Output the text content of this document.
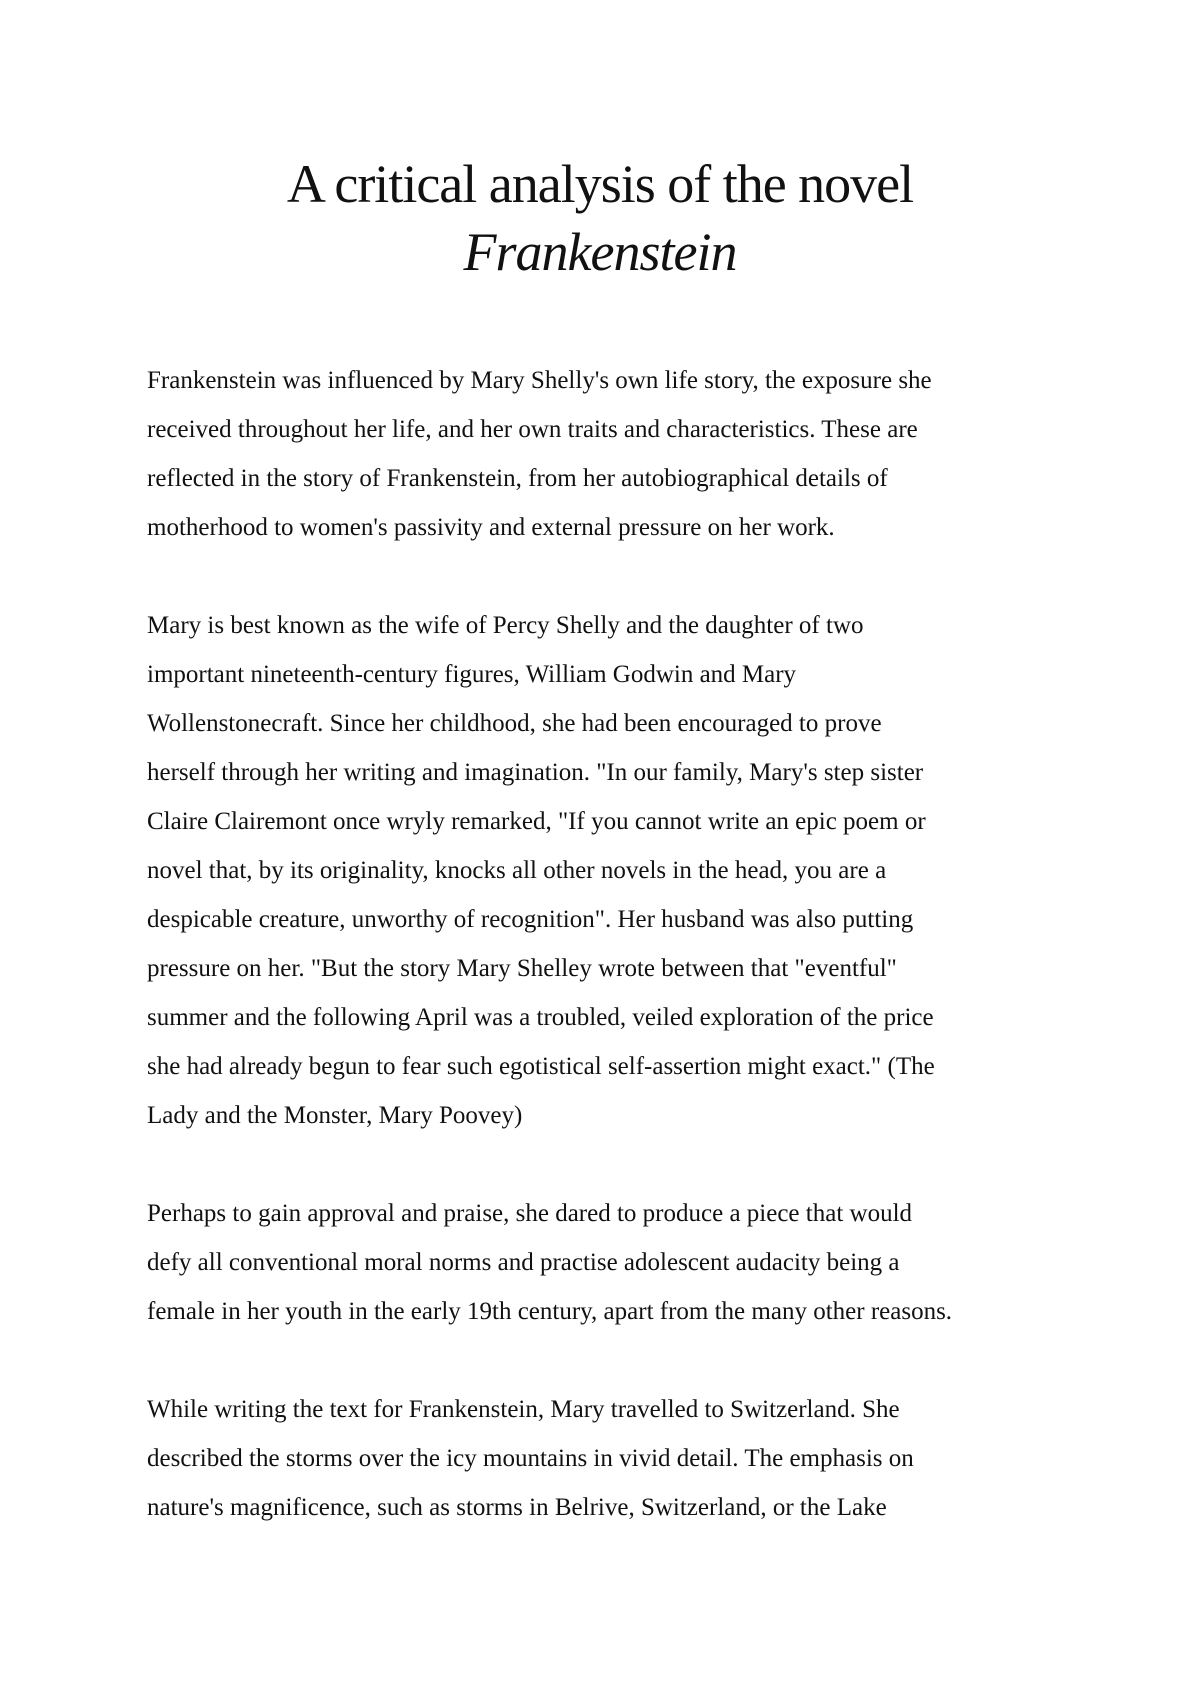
A critical analysis of the novel
Frankenstein
Frankenstein was influenced by Mary Shelly's own life story, the exposure she
received throughout her life, and her own traits and characteristics. These are
reflected in the story of Frankenstein, from her autobiographical details of
motherhood to women's passivity and external pressure on her work.
Mary is best known as the wife of Percy Shelly and the daughter of two
important nineteenth-century figures, William Godwin and Mary
Wollenstonecraft. Since her childhood, she had been encouraged to prove
herself through her writing and imagination. "In our family, Mary's step sister
Claire Clairemont once wryly remarked, "If you cannot write an epic poem or
novel that, by its originality, knocks all other novels in the head, you are a
despicable creature, unworthy of recognition". Her husband was also putting
pressure on her. "But the story Mary Shelley wrote between that "eventful"
summer and the following April was a troubled, veiled exploration of the price
she had already begun to fear such egotistical self-assertion might exact." (The
Lady and the Monster, Mary Poovey)
Perhaps to gain approval and praise, she dared to produce a piece that would
defy all conventional moral norms and practise adolescent audacity being a
female in her youth in the early 19th century, apart from the many other reasons.
While writing the text for Frankenstein, Mary travelled to Switzerland. She
described the storms over the icy mountains in vivid detail. The emphasis on
nature's magnificence, such as storms in Belrive, Switzerland, or the Lake
